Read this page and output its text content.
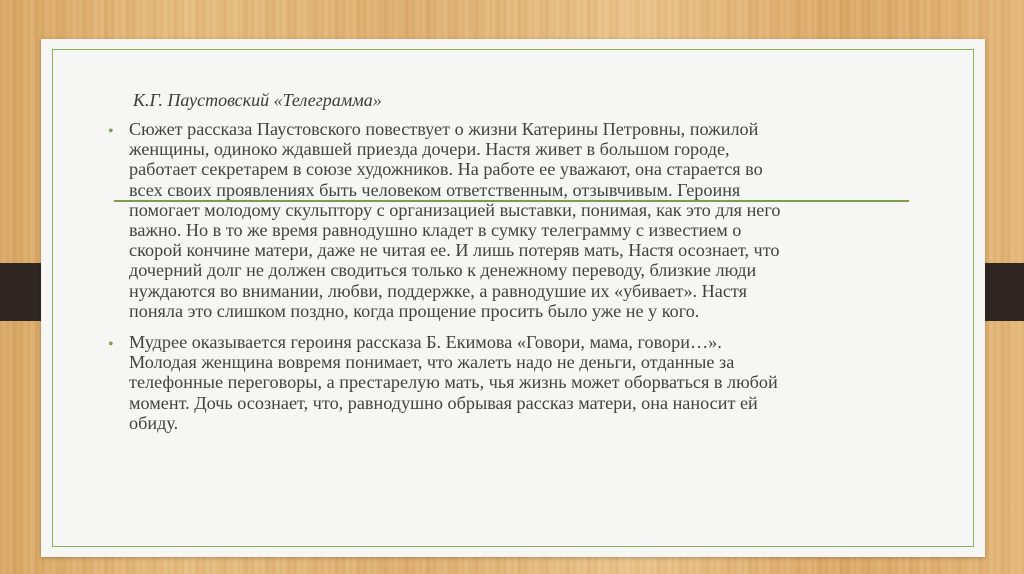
К.Г. Паустовский «Телеграмма»
• Сюжет рассказа Паустовского повествует о жизни Катерины Петровны, пожилой
женщины, одиноко ждавшей приезда дочери. Настя живет в большом городе,
работает секретарем в союзе художников. На работе ее уважают, она старается во
всех своих проявлениях быть человеком ответственным, отзывчивым. Героиня
помогает молодому скульптору с организацией выставки, понимая, как это для него
важно. Но в то же время равнодушно кладет в сумку телеграмму с известием о
скорой кончине матери, даже не читая ее. И лишь потеряв мать, Настя осознает, что
дочерний долг не должен сводиться только к денежному переводу, близкие люди
нуждаются во внимании, любви, поддержке, а равнодушие их «убивает». Настя
поняла это слишком поздно, когда прощение просить было уже не у кого.
• Мудрее оказывается героиня рассказа Б. Екимова «Говори, мама, говори…».
Молодая женщина вовремя понимает, что жалеть надо не деньги, отданные за
телефонные переговоры, а престарелую мать, чья жизнь может оборваться в любой
момент. Дочь осознает, что, равнодушно обрывая рассказ матери, она наносит ей
обиду.
